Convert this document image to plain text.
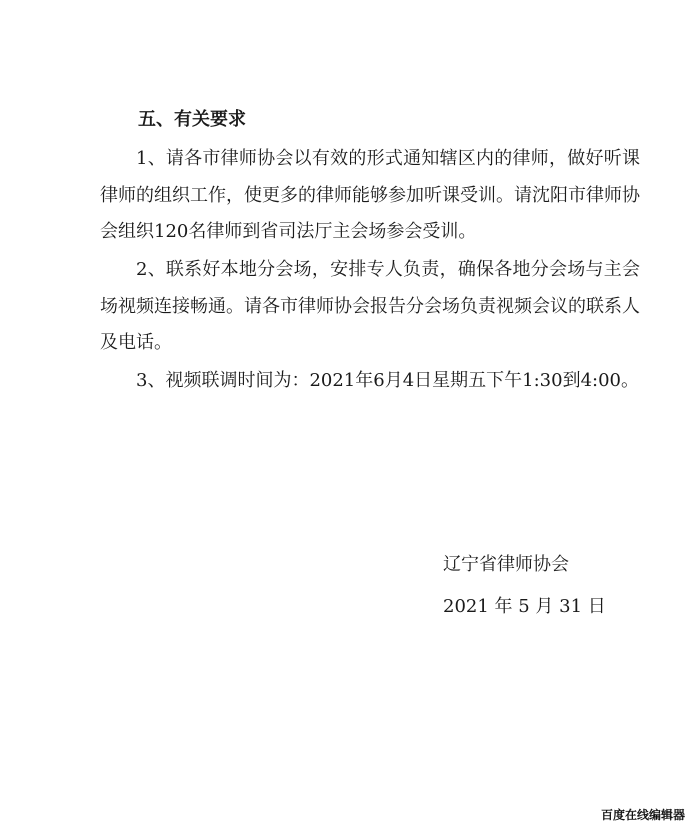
五、有关要求

1、请各市律师协会以有效的形式通知辖区内的律师，做好听课律师的组织工作，使更多的律师能够参加听课受训。请沈阳市律师协会组织120名律师到省司法厅主会场参会受训。

2、联系好本地分会场，安排专人负责，确保各地分会场与主会场视频连接畅通。请各市律师协会报告分会场负责视频会议的联系人及电话。

3、视频联调时间为：2021年6月4日星期五下午1:30到4:00。

辽宁省律师协会
2021 年 5 月 31 日
百度在线编辑器
